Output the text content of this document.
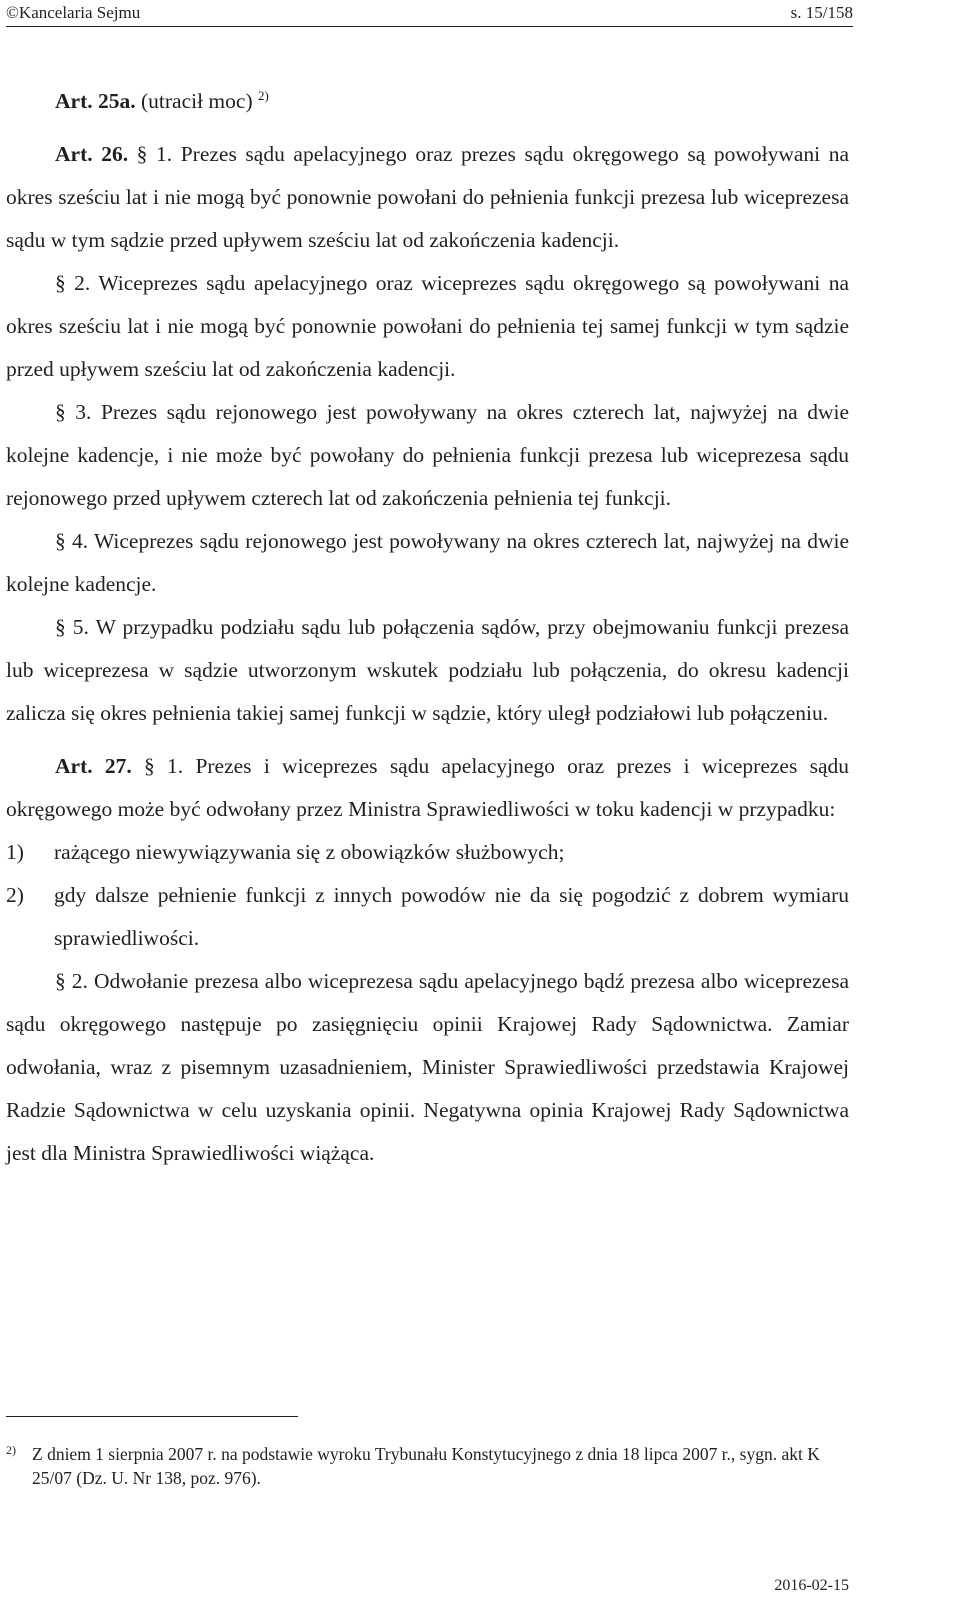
©Kancelaria Sejmu	s. 15/158

Art. 25a. (utracił moc) $^{2)}$

Art. 26. § 1. Prezes sądu apelacyjnego oraz prezes sądu okręgowego są powoływani na okres sześciu lat i nie mogą być ponownie powołani do pełnienia funkcji prezesa lub wiceprezesa sądu w tym sądzie przed upływem sześciu lat od zakończenia kadencji.

§ 2. Wiceprezes sądu apelacyjnego oraz wiceprezes sądu okręgowego są powoływani na okres sześciu lat i nie mogą być ponownie powołani do pełnienia tej samej funkcji w tym sądzie przed upływem sześciu lat od zakończenia kadencji.

§ 3. Prezes sądu rejonowego jest powoływany na okres czterech lat, najwyżej na dwie kolejne kadencje, i nie może być powołany do pełnienia funkcji prezesa lub wiceprezesa sądu rejonowego przed upływem czterech lat od zakończenia pełnienia tej funkcji.

§ 4. Wiceprezes sądu rejonowego jest powoływany na okres czterech lat, najwyżej na dwie kolejne kadencje.

§ 5. W przypadku podziału sądu lub połączenia sądów, przy obejmowaniu funkcji prezesa lub wiceprezesa w sądzie utworzonym wskutek podziału lub połączenia, do okresu kadencji zalicza się okres pełnienia takiej samej funkcji w sądzie, który uległ podziałowi lub połączeniu.

Art. 27. § 1. Prezes i wiceprezes sądu apelacyjnego oraz prezes i wiceprezes sądu okręgowego może być odwołany przez Ministra Sprawiedliwości w toku kadencji w przypadku:

1) rażącego niewywiązywania się z obowiązków służbowych;
2) gdy dalsze pełnienie funkcji z innych powodów nie da się pogodzić z dobrem wymiaru sprawiedliwości.

§ 2. Odwołanie prezesa albo wiceprezesa sądu apelacyjnego bądź prezesa albo wiceprezesa sądu okręgowego następuje po zasięgnięciu opinii Krajowej Rady Sądownictwa. Zamiar odwołania, wraz z pisemnym uzasadnieniem, Minister Sprawiedliwości przedstawia Krajowej Radzie Sądownictwa w celu uzyskania opinii. Negatywna opinia Krajowej Rady Sądownictwa jest dla Ministra Sprawiedliwości wiążąca.

2) Z dniem 1 sierpnia 2007 r. na podstawie wyroku Trybunału Konstytucyjnego z dnia 18 lipca 2007 r., sygn. akt K 25/07 (Dz. U. Nr 138, poz. 976).
2016-02-15
